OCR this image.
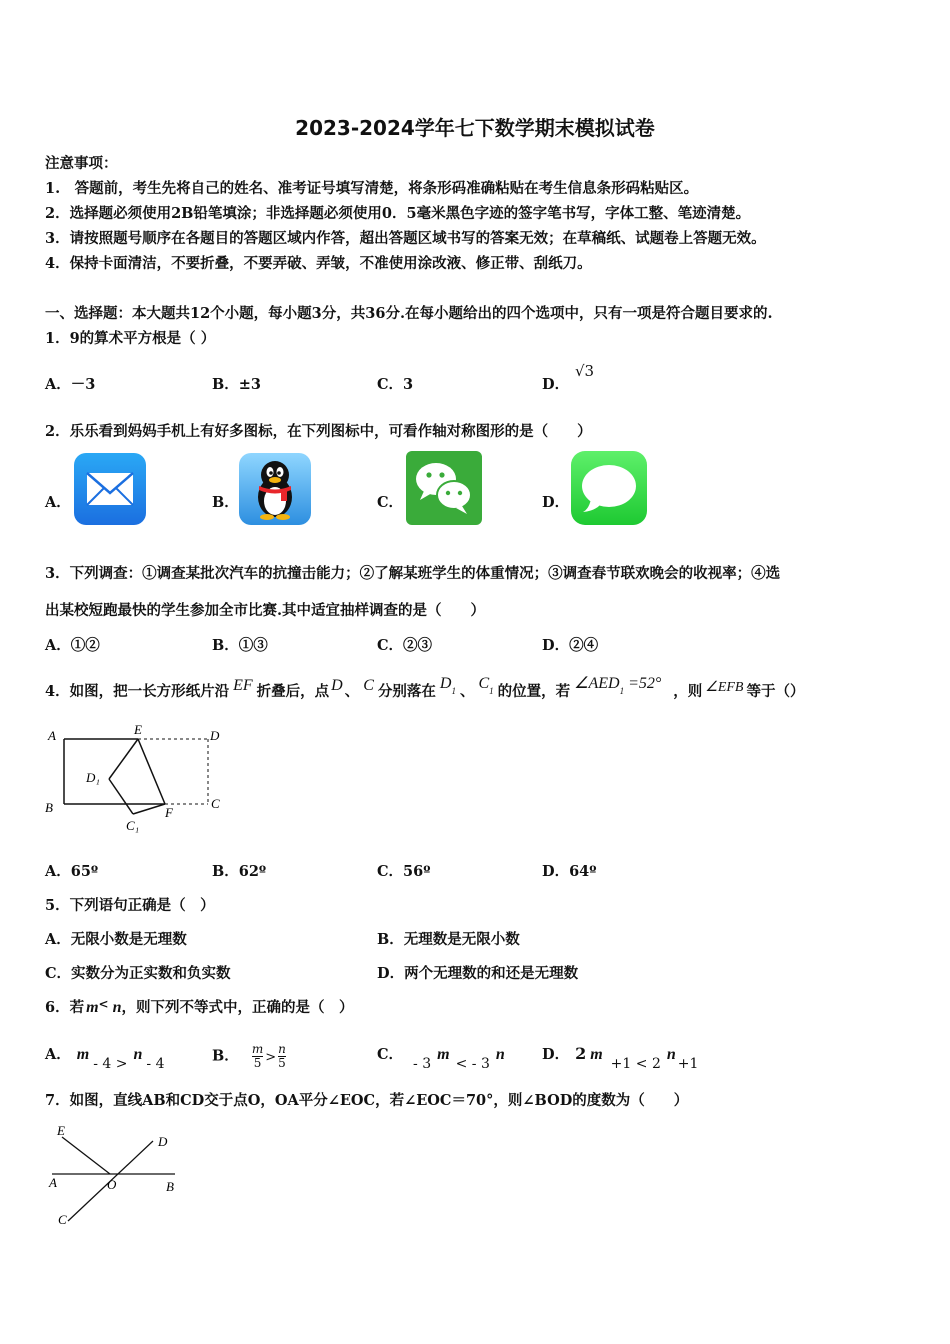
2023-2024学年七下数学期末模拟试卷
注意事项：
1.　答题前，考生先将自己的姓名、准考证号填写清楚，将条形码准确粘贴在考生信息条形码粘贴区。
2．选择题必须使用2B铅笔填涂；非选择题必须使用0．5毫米黑色字迹的签字笔书写，字体工整、笔迹清楚。
3．请按照题号顺序在各题目的答题区域内作答，超出答题区域书写的答案无效；在草稿纸、试题卷上答题无效。
4．保持卡面清洁，不要折叠，不要弄破、弄皱，不准使用涂改液、修正带、刮纸刀。
一、选择题：本大题共12个小题，每小题3分，共36分.在每小题给出的四个选项中，只有一项是符合题目要求的.
1．9的算术平方根是（ ）
A．－3	B．±3	C．3	D．
√3
2．乐乐看到妈妈手机上有好多图标，在下列图标中，可看作轴对称图形的是（　　）
A．	B．	C．	D．
3．下列调查：①调查某批次汽车的抗撞击能力；②了解某班学生的体重情况；③调查春节联欢晚会的收视率；④选
出某校短跑最快的学生参加全市比赛.其中适宜抽样调查的是（　　）
A．①②	B．①③	C．②③	D．②④
4．如图，把一长方形纸片沿 EF 折叠后，点 D 、 C 分别落在 $D_1$ 、 $C_1$ 的位置，若 $\angle AED_1 =52^\circ$ ，则 ∠EFB 等于（）
A
B
E	D
D₁
C
C₁
F
A．65º	B．62º	C．56º	D．64º
5．下列语句正确是（　）
A．无限小数是无理数	B．无理数是无限小数
C．实数分为正实数和负实数	D．两个无理数的和还是无理数
6．若 m< n，则下列不等式中，正确的是（　）
A． m- 4 >n- 4	B． $\frac{m}{5} > \frac{n}{5}$	C．- 3m< - 3n	D． 2 m+1 < 2n+1
7．如图，直线AB和CD交于点O，OA平分∠EOC，若∠EOC＝70°，则∠BOD的度数为（　　）
E
D
A	O	B
C
